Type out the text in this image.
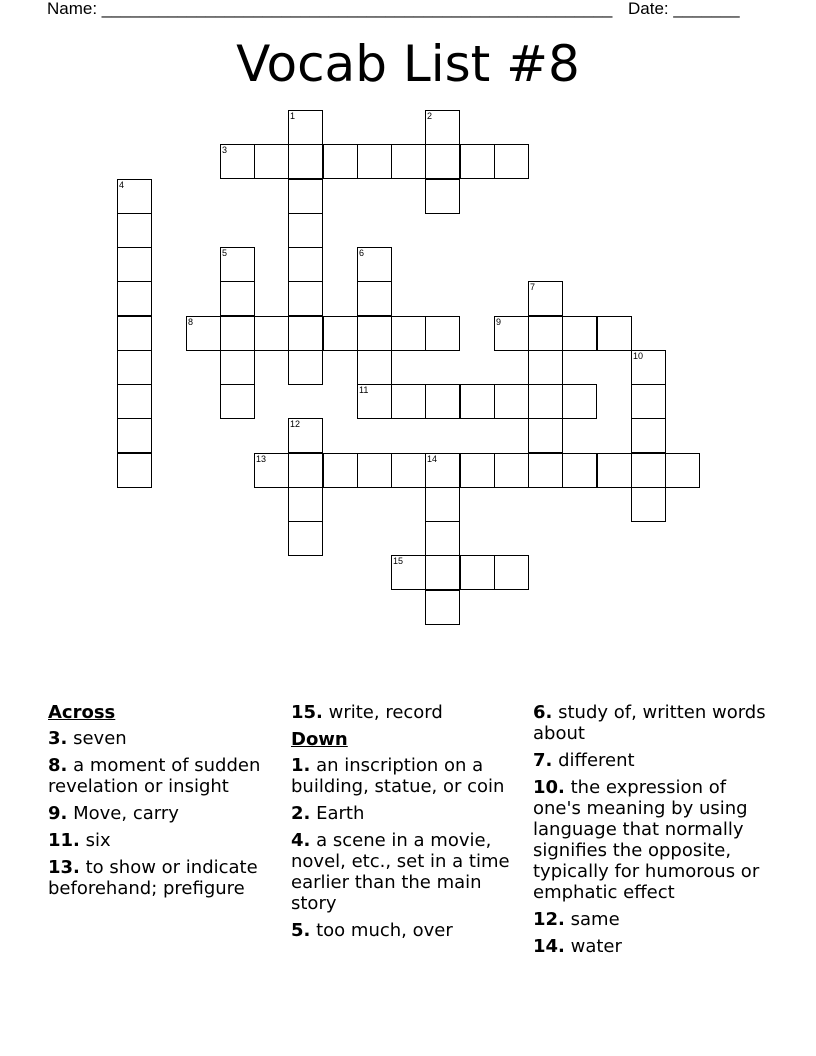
Name: ______________________________________________________ Date: _______
Vocab List #8
3
8	9
11
13	14
15
1	2
4
5	6
7
10
12
Across
3. seven
8. a moment of sudden revelation or insight
9. Move, carry
11. six
13. to show or indicate beforehand; prefigure
15. write, record
Down
1. an inscription on a building, statue, or coin
2. Earth
4. a scene in a movie, novel, etc., set in a time earlier than the main story
5. too much, over
6. study of, written words about
7. different
10. the expression of one's meaning by using language that normally signifies the opposite, typically for humorous or emphatic effect
12. same
14. water
